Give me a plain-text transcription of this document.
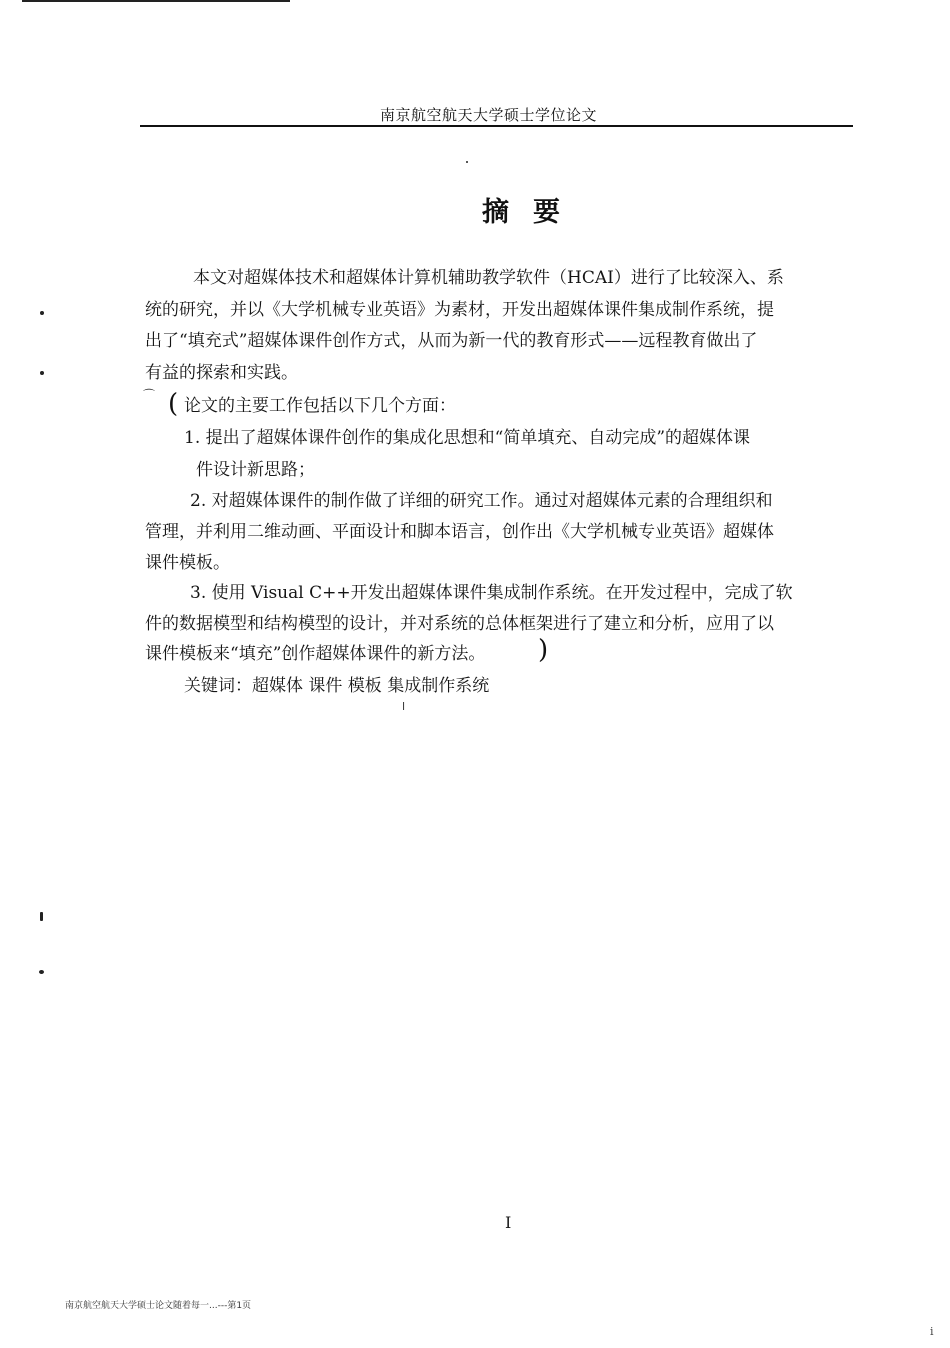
南京航空航天大学硕士学位论文
摘要
本文对超媒体技术和超媒体计算机辅助教学软件（HCAI）进行了比较深入、系
统的研究，并以《大学机械专业英语》为素材，开发出超媒体课件集成制作系统，提
出了“填充式”超媒体课件创作方式，从而为新一代的教育形式——远程教育做出了
有益的探索和实践。
⌒ ( 论文的主要工作包括以下几个方面：
1. 提出了超媒体课件创作的集成化思想和“简单填充、自动完成”的超媒体课
件设计新思路；
2. 对超媒体课件的制作做了详细的研究工作。通过对超媒体元素的合理组织和
管理，并利用二维动画、平面设计和脚本语言，创作出《大学机械专业英语》超媒体
课件模板。
3. 使用 Visual C++开发出超媒体课件集成制作系统。在开发过程中，完成了软
件的数据模型和结构模型的设计，并对系统的总体框架进行了建立和分析，应用了以
课件模板来“填充”创作超媒体课件的新方法。 )
关键词：超媒体 课件 模板 集成制作系统
ǀ
I
南京航空航天大学硕士论文随着每一...---第1页
i
